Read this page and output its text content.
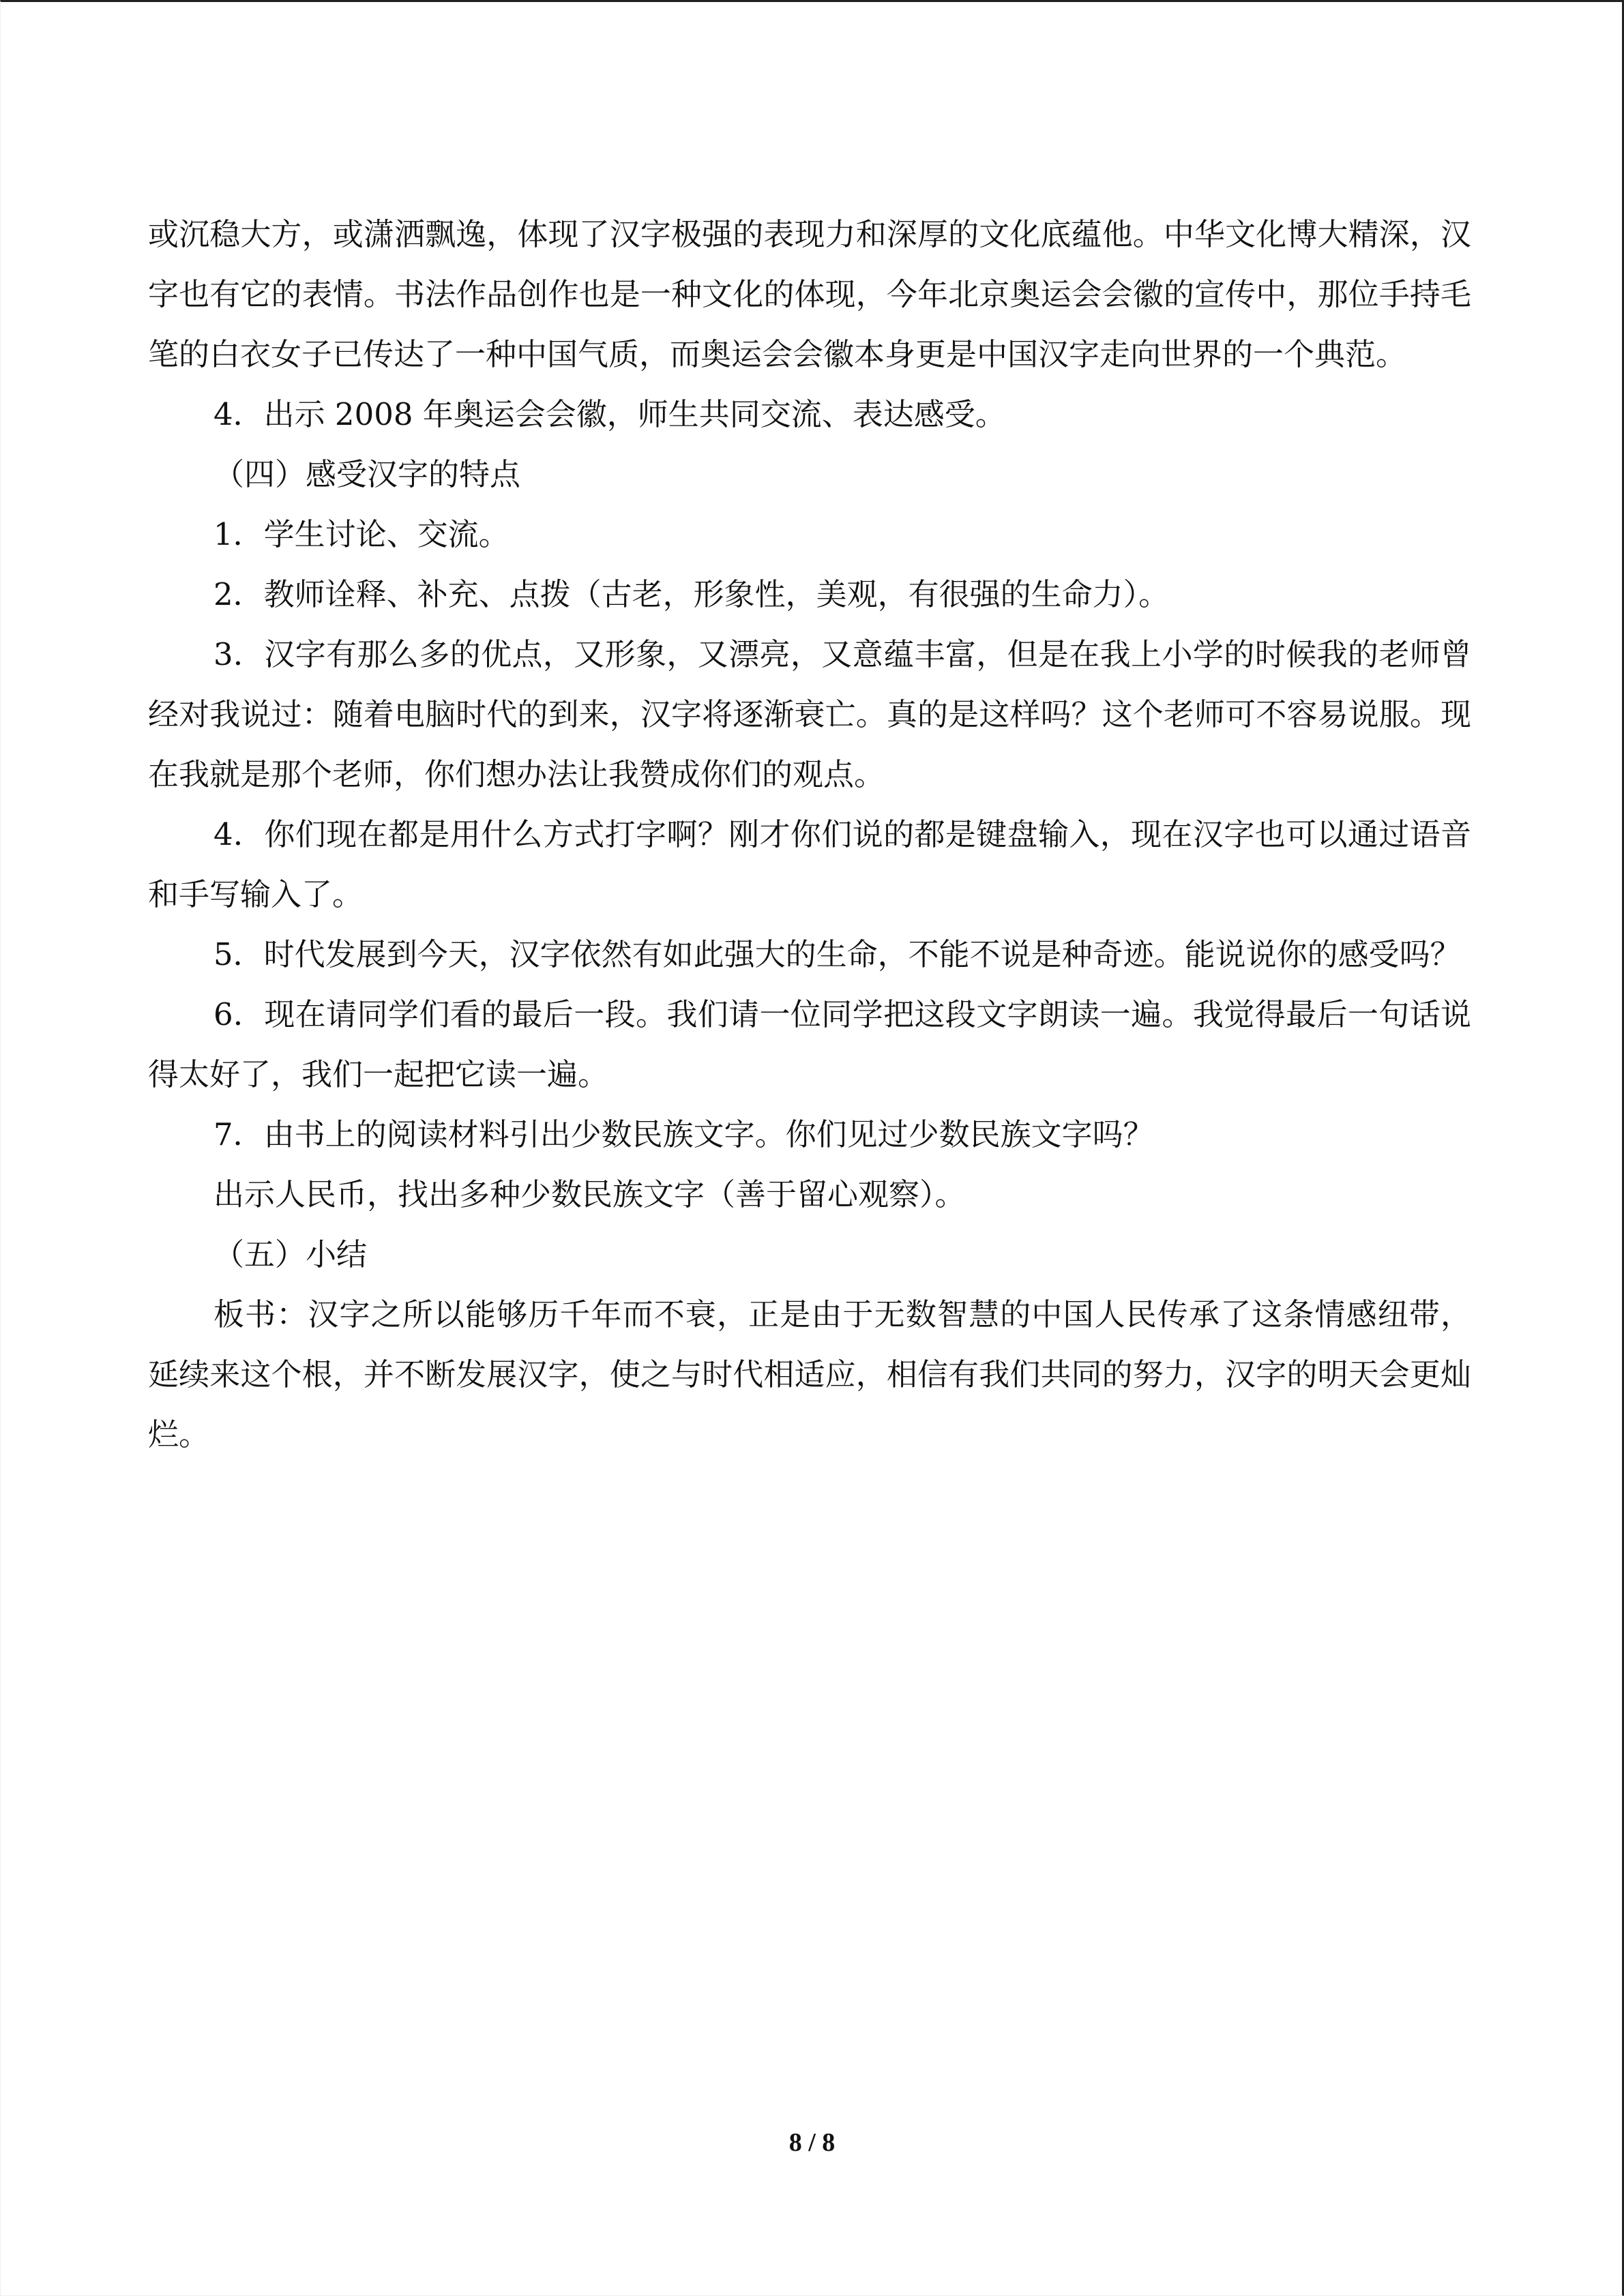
或沉稳大方，或潇洒飘逸，体现了汉字极强的表现力和深厚的文化底蕴他。中华文化博大精深，汉字也有它的表情。书法作品创作也是一种文化的体现，今年北京奥运会会徽的宣传中，那位手持毛笔的白衣女子已传达了一种中国气质，而奥运会会徽本身更是中国汉字走向世界的一个典范。

4．出示 2008 年奥运会会徽，师生共同交流、表达感受。

（四）感受汉字的特点

1．学生讨论、交流。

2．教师诠释、补充、点拨（古老，形象性，美观，有很强的生命力）。

3．汉字有那么多的优点，又形象，又漂亮，又意蕴丰富，但是在我上小学的时候我的老师曾经对我说过：随着电脑时代的到来，汉字将逐渐衰亡。真的是这样吗？这个老师可不容易说服。现在我就是那个老师，你们想办法让我赞成你们的观点。

4．你们现在都是用什么方式打字啊？刚才你们说的都是键盘输入，现在汉字也可以通过语音和手写输入了。

5．时代发展到今天，汉字依然有如此强大的生命，不能不说是种奇迹。能说说你的感受吗？

6．现在请同学们看的最后一段。我们请一位同学把这段文字朗读一遍。我觉得最后一句话说得太好了，我们一起把它读一遍。

7．由书上的阅读材料引出少数民族文字。你们见过少数民族文字吗？

出示人民币，找出多种少数民族文字（善于留心观察）。

（五）小结

板书：汉字之所以能够历千年而不衰，正是由于无数智慧的中国人民传承了这条情感纽带，延续来这个根，并不断发展汉字，使之与时代相适应，相信有我们共同的努力，汉字的明天会更灿烂。

8 / 8
